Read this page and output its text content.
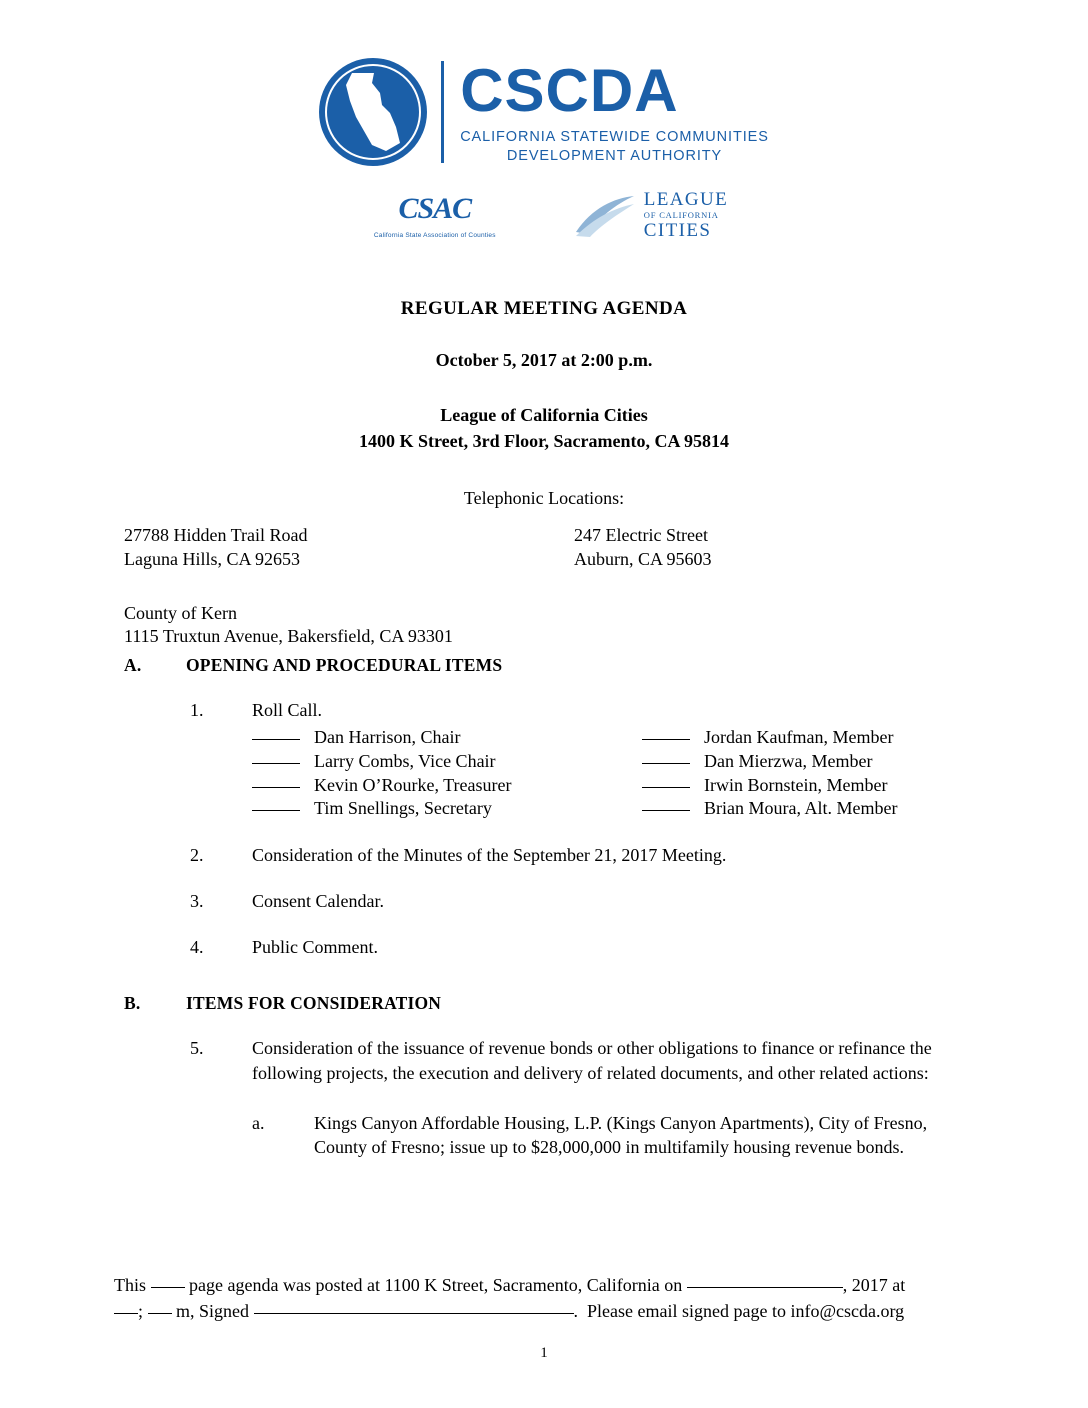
CSCDA
CALIFORNIA STATEWIDE COMMUNITIES
DEVELOPMENT AUTHORITY
CSAC
California State Association of Counties
LEAGUE
OF CALIFORNIA
CITIES
REGULAR MEETING AGENDA
October 5, 2017 at 2:00 p.m.
League of California Cities
1400 K Street, 3rd Floor, Sacramento, CA 95814
Telephonic Locations:
27788 Hidden Trail Road	247 Electric Street
Laguna Hills, CA 92653	Auburn, CA 95603
County of Kern
1115 Truxtun Avenue, Bakersfield, CA 93301
A.	OPENING AND PROCEDURAL ITEMS
1.	Roll Call.
Dan Harrison, Chair	Jordan Kaufman, Member
Larry Combs, Vice Chair	Dan Mierzwa, Member
Kevin O’Rourke, Treasurer	Irwin Bornstein, Member
Tim Snellings, Secretary	Brian Moura, Alt. Member
2.	Consideration of the Minutes of the September 21, 2017 Meeting.
3.	Consent Calendar.
4.	Public Comment.
B.	ITEMS FOR CONSIDERATION
5.	Consideration of the issuance of revenue bonds or other obligations to finance or refinance the following projects, the execution and delivery of related documents, and other related actions:
a.	Kings Canyon Affordable Housing, L.P. (Kings Canyon Apartments), City of Fresno, County of Fresno; issue up to $28,000,000 in multifamily housing revenue bonds.
This page agenda was posted at 1100 K Street, Sacramento, California on	, 2017 at
; m, Signed	. Please email signed page to info@cscda.org
1
